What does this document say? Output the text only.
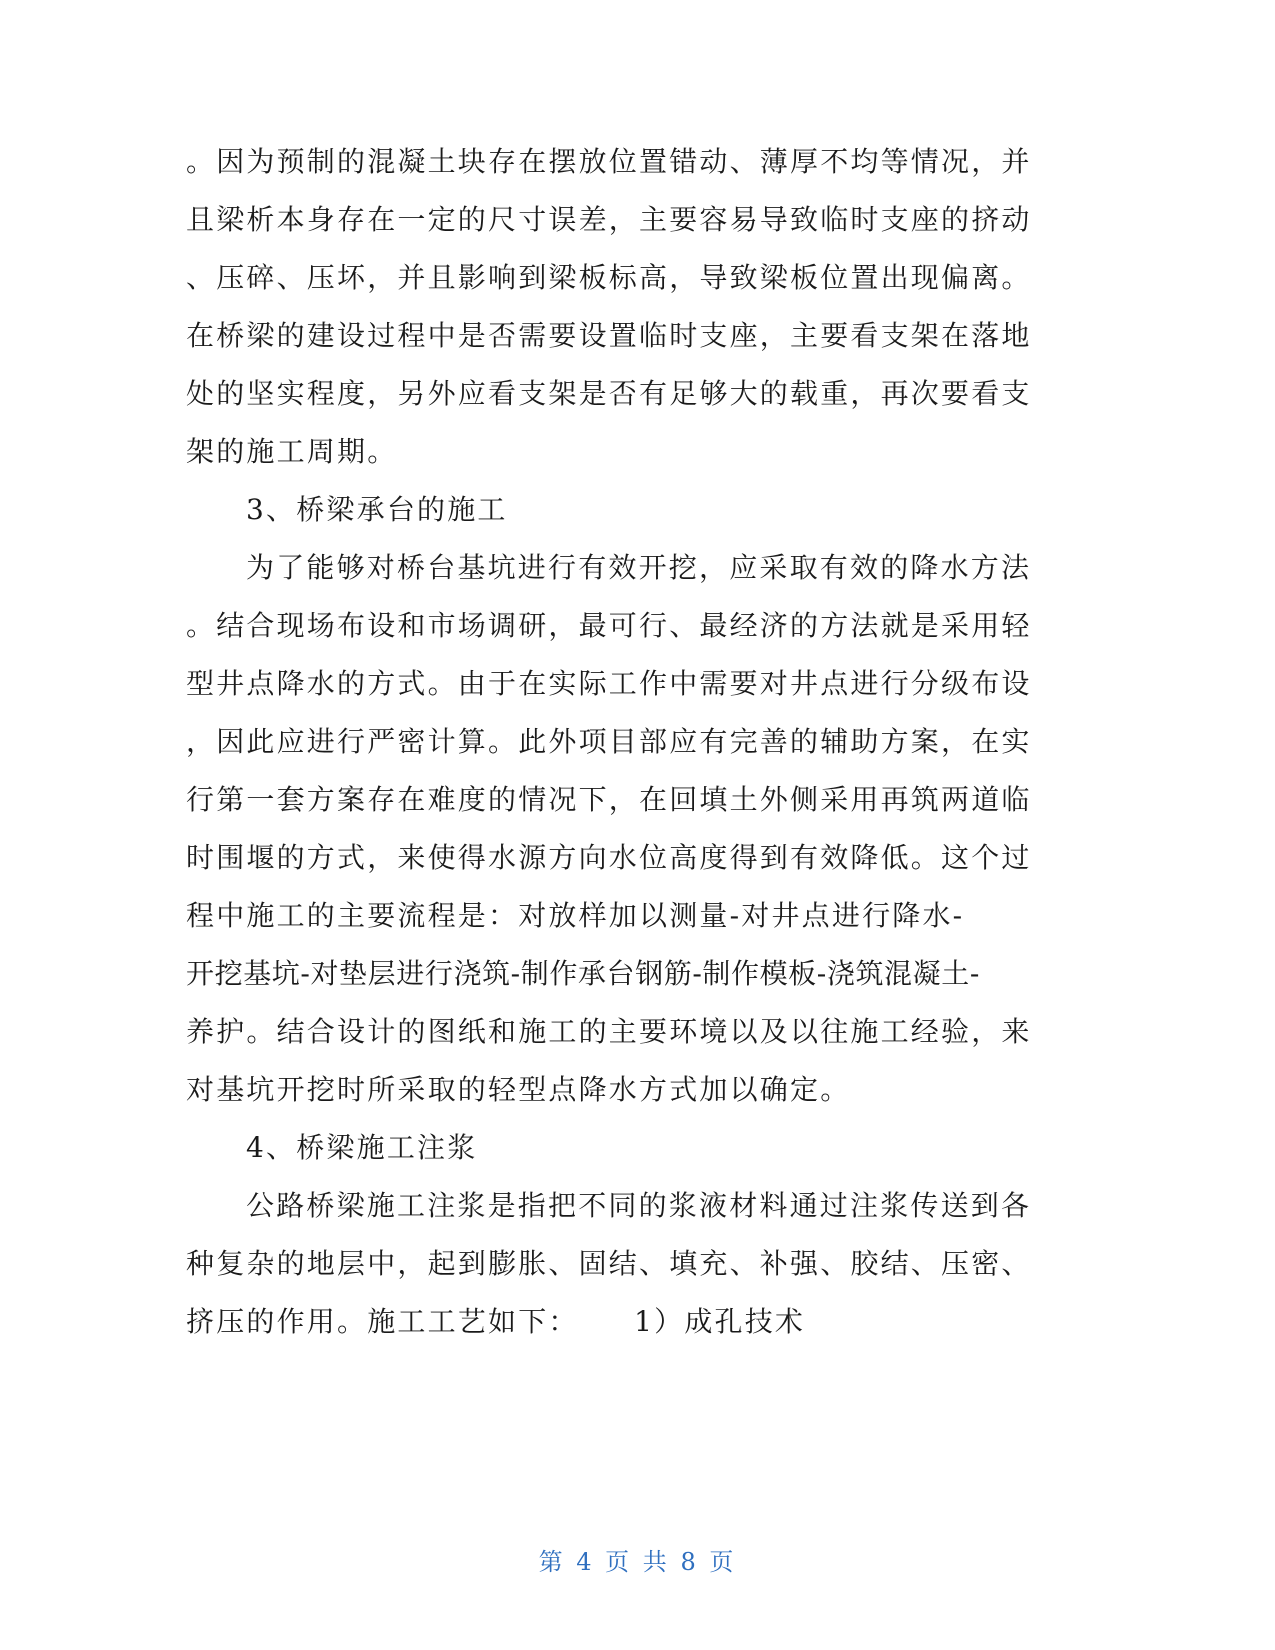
。因为预制的混凝土块存在摆放位置错动、薄厚不均等情况，并
且梁析本身存在一定的尺寸误差，主要容易导致临时支座的挤动
、压碎、压坏，并且影响到梁板标高，导致梁板位置出现偏离。
在桥梁的建设过程中是否需要设置临时支座，主要看支架在落地
处的坚实程度，另外应看支架是否有足够大的载重，再次要看支
架的施工周期。
3、桥梁承台的施工
为了能够对桥台基坑进行有效开挖，应采取有效的降水方法
。结合现场布设和市场调研，最可行、最经济的方法就是采用轻
型井点降水的方式。由于在实际工作中需要对井点进行分级布设
，因此应进行严密计算。此外项目部应有完善的辅助方案，在实
行第一套方案存在难度的情况下，在回填土外侧采用再筑两道临
时围堰的方式，来使得水源方向水位高度得到有效降低。这个过
程中施工的主要流程是：对放样加以测量-对井点进行降水-
开挖基坑-对垫层进行浇筑-制作承台钢筋-制作模板-浇筑混凝土-
养护。结合设计的图纸和施工的主要环境以及以往施工经验，来
对基坑开挖时所采取的轻型点降水方式加以确定。
4、桥梁施工注浆
公路桥梁施工注浆是指把不同的浆液材料通过注浆传送到各
种复杂的地层中，起到膨胀、固结、填充、补强、胶结、压密、
挤压的作用。施工工艺如下：     1）成孔技术
第 4 页 共 8 页
